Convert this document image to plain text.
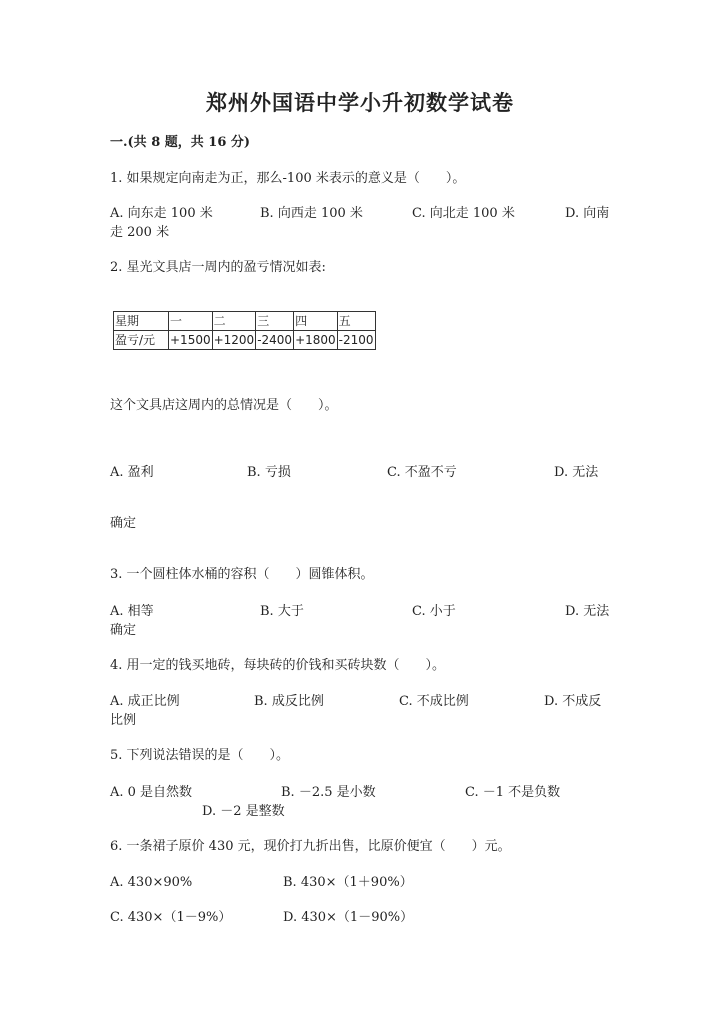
郑州外国语中学小升初数学试卷
一.(共 8 题，共 16 分)
1. 如果规定向南走为正，那么-100 米表示的意义是（　　）。
A. 向东走 100 米	B. 向西走 100 米	C. 向北走 100 米	D. 向南
走 200 米
2. 星光文具店一周内的盈亏情况如表:
星期	一	二	三	四	五
盈亏/元	+1500	+1200	-2400	+1800	-2100
这个文具店这周内的总情况是（　　）。
A. 盈利	B. 亏损	C. 不盈不亏	D. 无法
确定
3. 一个圆柱体水桶的容积（　　）圆锥体积。
A. 相等	B. 大于	C. 小于	D. 无法
确定
4. 用一定的钱买地砖，每块砖的价钱和买砖块数（　　）。
A. 成正比例	B. 成反比例	C. 不成比例	D. 不成反
比例
5. 下列说法错误的是（　　）。
A. 0 是自然数	B. －2.5 是小数	C. －1 不是负数
D. －2 是整数
6. 一条裙子原价 430 元，现价打九折出售，比原价便宜（　　）元。
A. 430×90%	B. 430×（1＋90%）
C. 430×（1－9%）	D. 430×（1－90%）
